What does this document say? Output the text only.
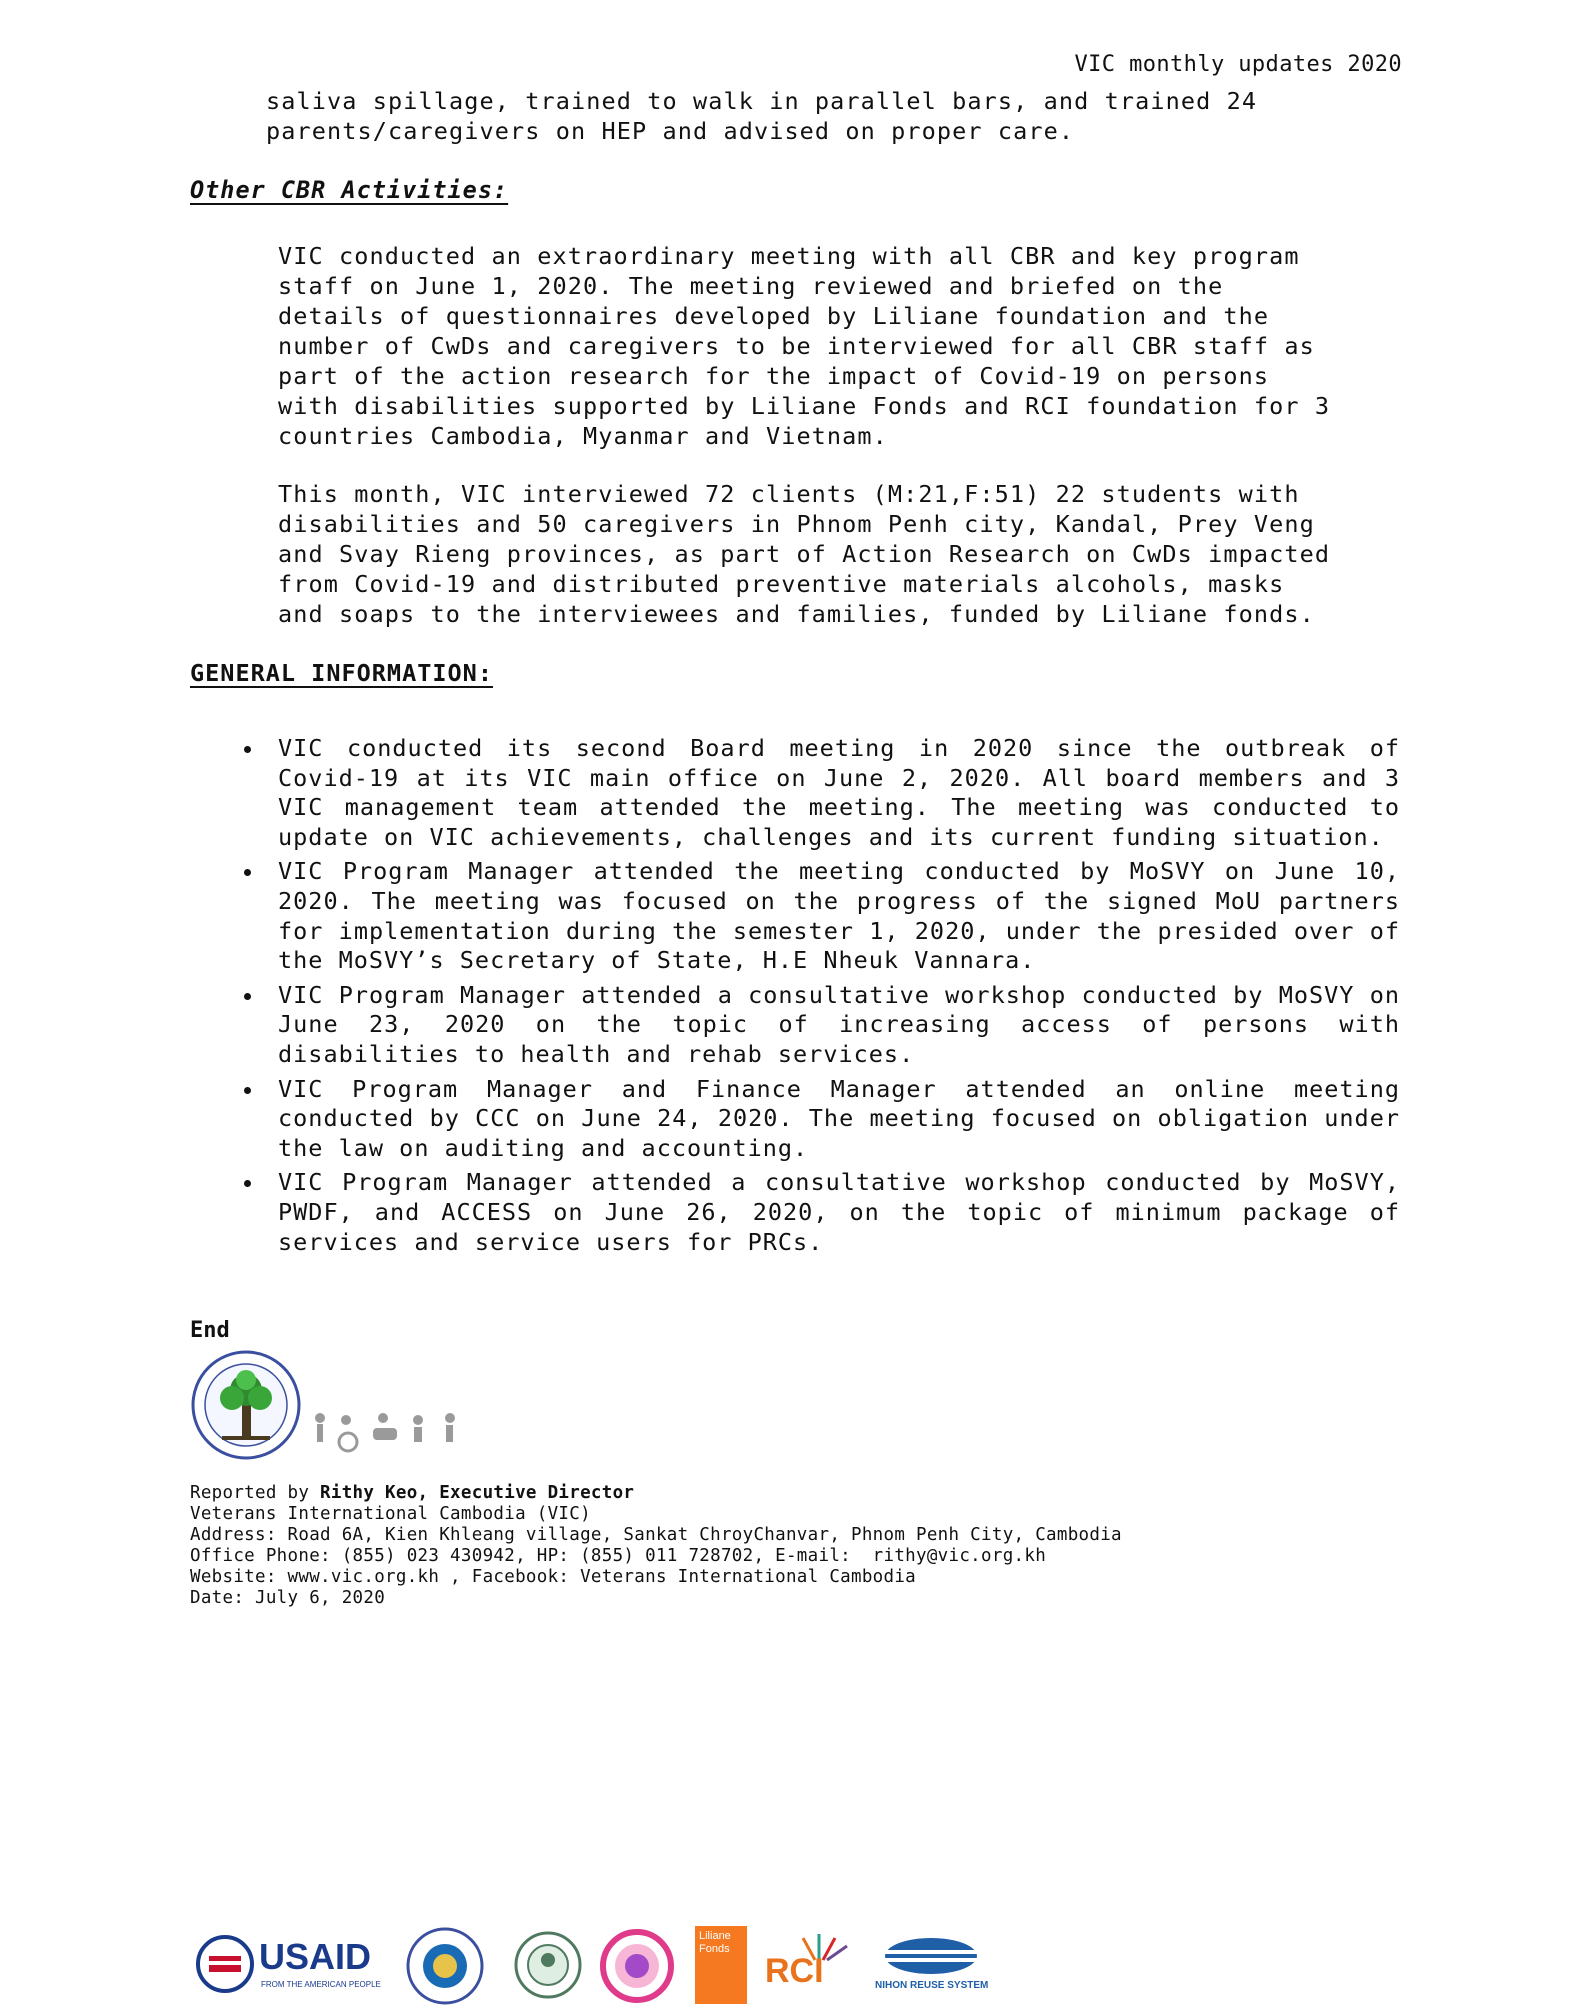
VIC monthly updates 2020
saliva spillage, trained to walk in parallel bars, and trained 24
parents/caregivers on HEP and advised on proper care.
Other CBR Activities:
VIC conducted an extraordinary meeting with all CBR and key program
staff on June 1, 2020. The meeting reviewed and briefed on the
details of questionnaires developed by Liliane foundation and the
number of CwDs and caregivers to be interviewed for all CBR staff as
part of the action research for the impact of Covid-19 on persons
with disabilities supported by Liliane Fonds and RCI foundation for 3
countries Cambodia, Myanmar and Vietnam.
This month, VIC interviewed 72 clients (M:21,F:51) 22 students with
disabilities and 50 caregivers in Phnom Penh city, Kandal, Prey Veng
and Svay Rieng provinces, as part of Action Research on CwDs impacted
from Covid-19 and distributed preventive materials alcohols, masks
and soaps to the interviewees and families, funded by Liliane fonds.
GENERAL INFORMATION:
VIC conducted its second Board meeting in 2020 since the outbreak of Covid-19 at its VIC main office on June 2, 2020. All board members and 3 VIC management team attended the meeting. The meeting was conducted to update on VIC achievements, challenges and its current funding situation.
VIC Program Manager attended the meeting conducted by MoSVY on June 10, 2020. The meeting was focused on the progress of the signed MoU partners for implementation during the semester 1, 2020, under the presided over of the MoSVY’s Secretary of State, H.E Nheuk Vannara.
VIC Program Manager attended a consultative workshop conducted by MoSVY on June 23, 2020 on the topic of increasing access of persons with disabilities to health and rehab services.
VIC Program Manager and Finance Manager attended an online meeting conducted by CCC on June 24, 2020. The meeting focused on obligation under the law on auditing and accounting.
VIC Program Manager attended a consultative workshop conducted by MoSVY, PWDF, and ACCESS on June 26, 2020, on the topic of minimum package of services and service users for PRCs.
End
Reported by Rithy Keo, Executive Director
Veterans International Cambodia (VIC)
Address: Road 6A, Kien Khleang village, Sankat ChroyChanvar, Phnom Penh City, Cambodia
Office Phone: (855) 023 430942, HP: (855) 011 728702, E-mail:  rithy@vic.org.kh
Website: www.vic.org.kh , Facebook: Veterans International Cambodia
Date: July 6, 2020
USAID
FROM THE AMERICAN PEOPLE
Liliane Fonds
RCI	NIHON REUSE SYSTEM
